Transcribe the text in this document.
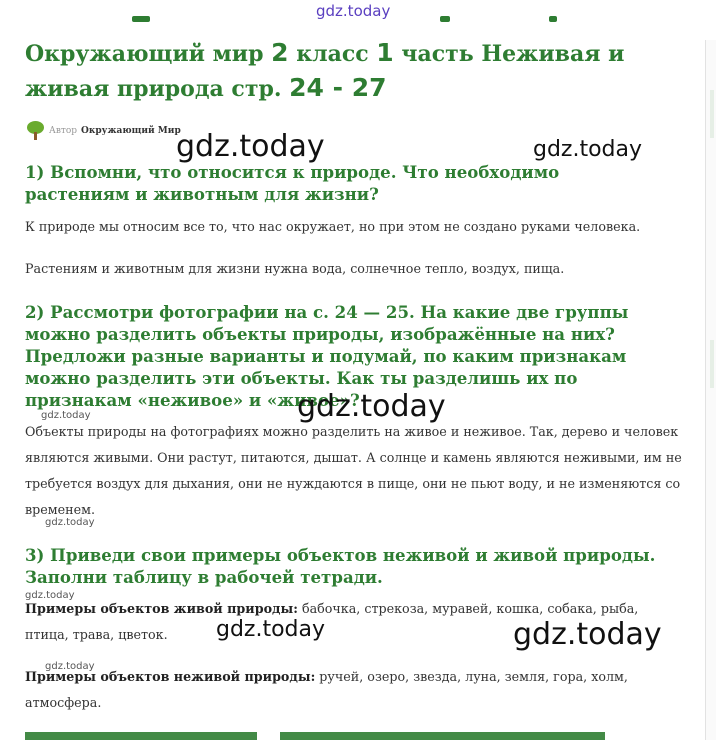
gdz.today
Окружающий мир 2 класс 1 часть Неживая и живая природа стр. 24 - 27
Автор Окружающий Мир
1) Вспомни, что относится к природе. Что необходимо растениям и животным для жизни?

К природе мы относим все то, что нас окружает, но при этом не создано руками человека.

Растениям и животным для жизни нужна вода, солнечное тепло, воздух, пища.

2) Рассмотри фотографии на с. 24 — 25. На какие две группы можно разделить объекты природы, изображённые на них? Предложи разные варианты и подумай, по каким признакам можно разделить эти объекты. Как ты разделишь их по признакам «неживое» и «живое»?

Объекты природы на фотографиях можно разделить на живое и неживое. Так, дерево и человек являются живыми. Они растут, питаются, дышат. А солнце и камень являются неживыми, им не требуется воздух для дыхания, они не нуждаются в пище, они не пьют воду, и не изменяются со временем.

3) Приведи свои примеры объектов неживой и живой природы. Заполни таблицу в рабочей тетради.

Примеры объектов живой природы: бабочка, стрекоза, муравей, кошка, собака, рыба, птица, трава, цветок.

Примеры объектов неживой природы: ручей, озеро, звезда, луна, земля, гора, холм, атмосфера.

gdz.today	gdz.today
gdz.today
gdz.today
gdz.today
gdz.today
gdz.today	gdz.today
gdz.today
